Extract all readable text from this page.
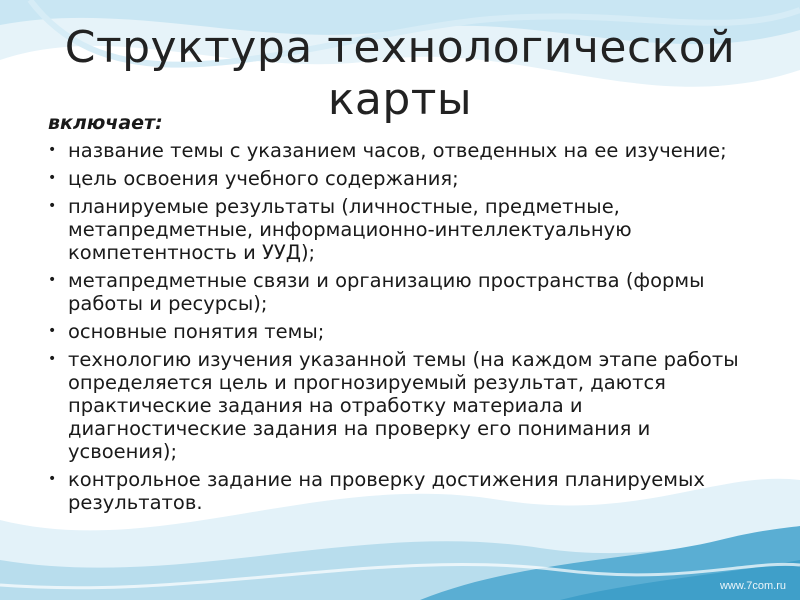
Структура технологической карты
включает:
• название темы с указанием часов, отведенных на ее изучение;
• цель освоения учебного содержания;
• планируемые результаты (личностные, предметные, метапредметные, информационно-интеллектуальную компетентность и УУД);
• метапредметные связи и организацию пространства (формы работы и ресурсы);
• основные понятия темы;
• технологию изучения указанной темы (на каждом этапе работы определяется цель и прогнозируемый результат, даются практические задания на отработку материала и диагностические задания на проверку его понимания и усвоения);
• контрольное задание на проверку достижения планируемых результатов.
www.7com.ru
